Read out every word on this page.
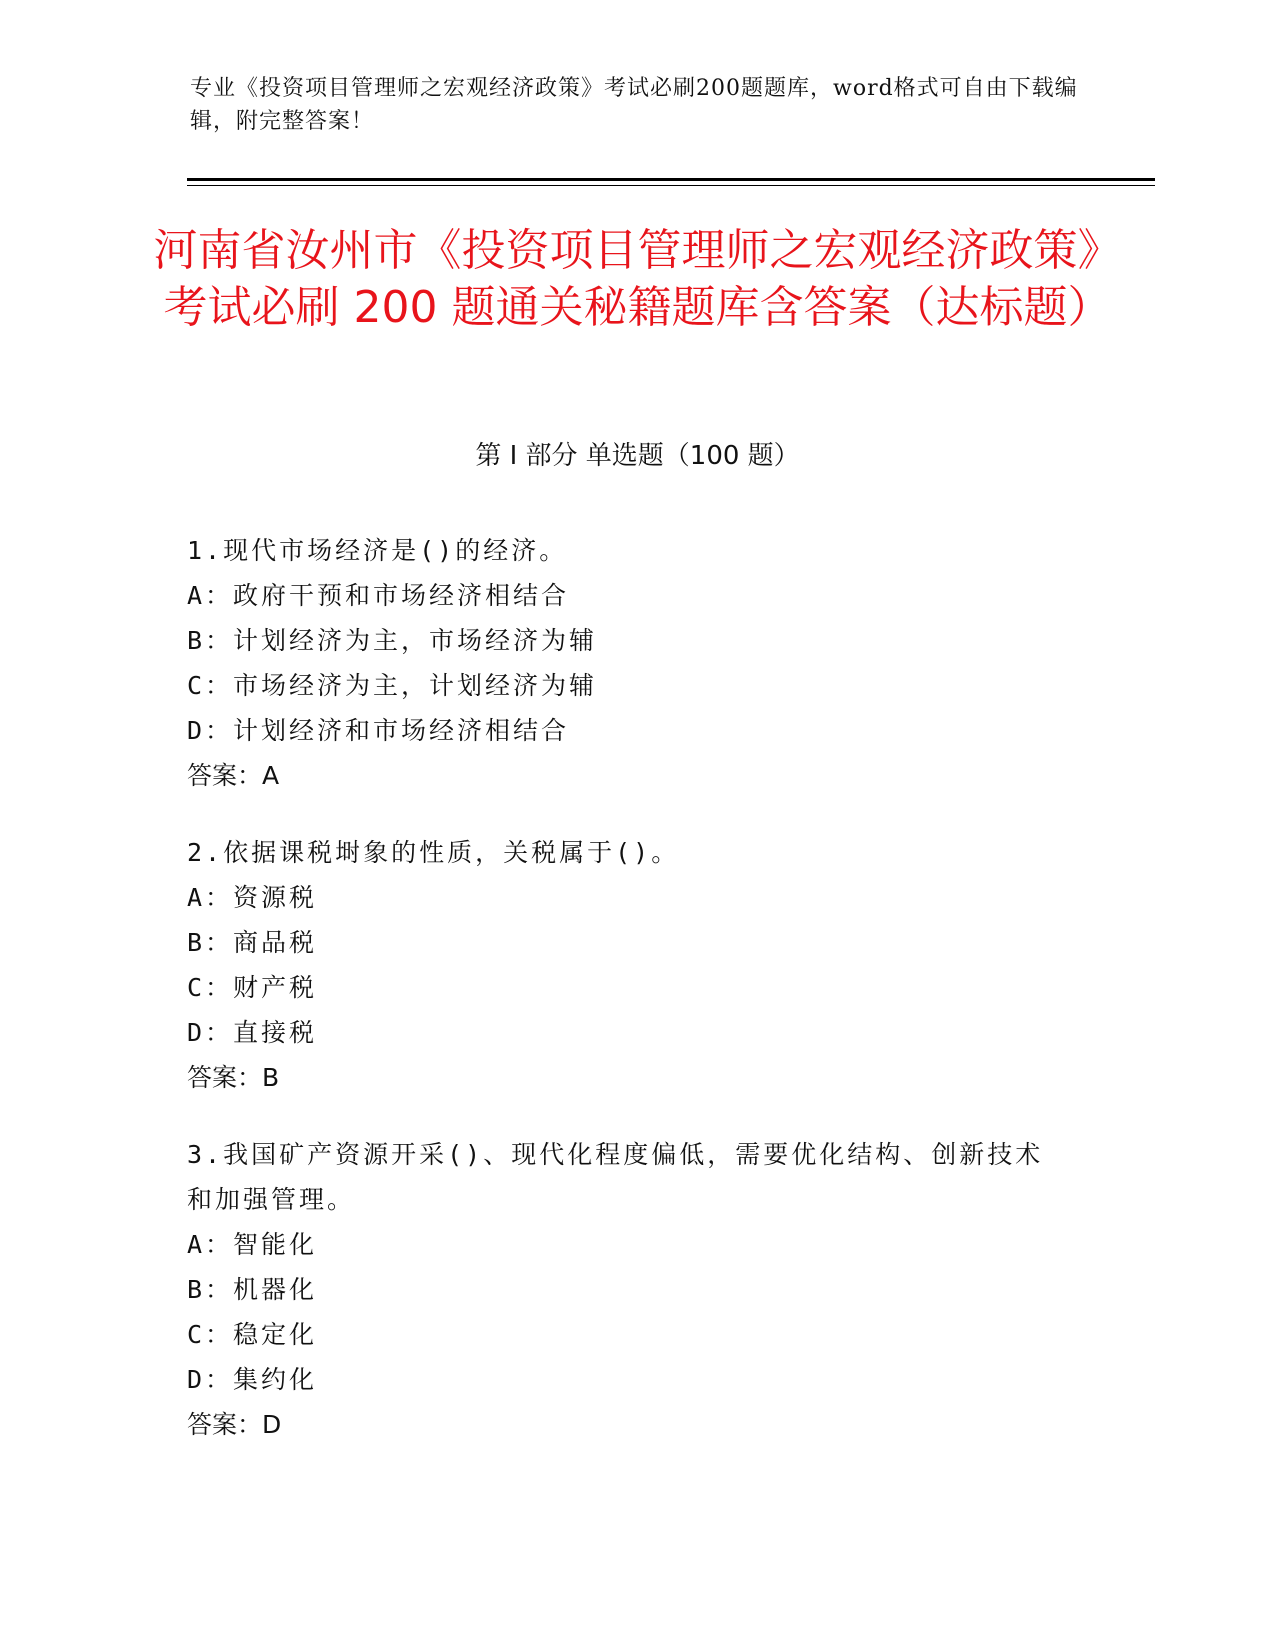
专业《投资项目管理师之宏观经济政策》考试必刷200题题库，word格式可自由下载编辑，附完整答案！
河南省汝州市《投资项目管理师之宏观经济政策》考试必刷 200 题通关秘籍题库含答案（达标题）
第 I 部分 单选题（100 题）

1.现代市场经济是()的经济。

A：政府干预和市场经济相结合

B：计划经济为主，市场经济为辅

C：市场经济为主，计划经济为辅

D：计划经济和市场经济相结合

答案：A

2.依据课税埘象的性质，关税属于()。

A：资源税

B：商品税

C：财产税

D：直接税

答案：B

3.我国矿产资源开采()、现代化程度偏低，需要优化结构、创新技术和加强管理。

A：智能化

B：机器化

C：稳定化

D：集约化

答案：D
